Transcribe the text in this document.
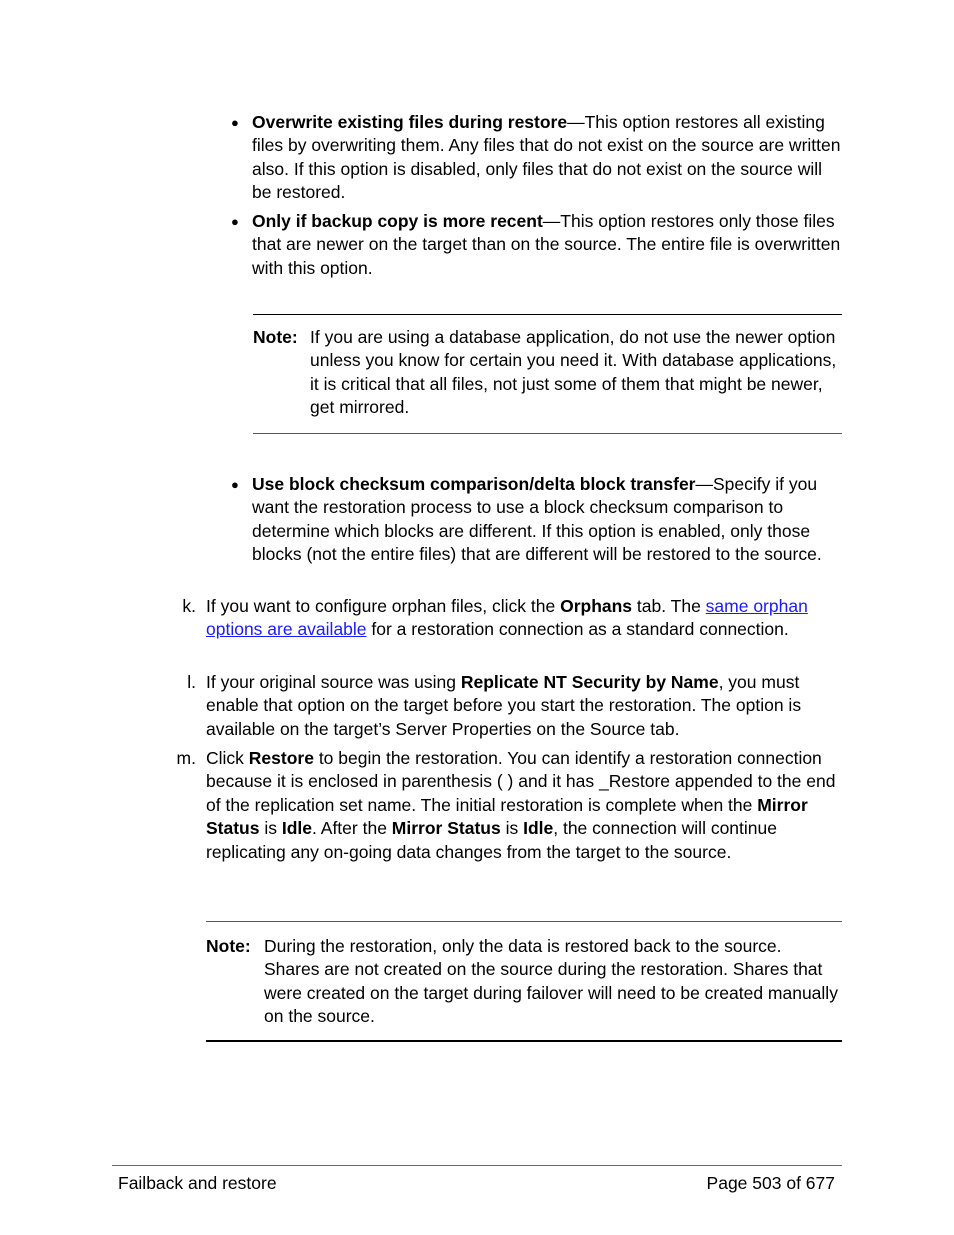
● Overwrite existing files during restore—This option restores all existing files by overwriting them. Any files that do not exist on the source are written also. If this option is disabled, only files that do not exist on the source will be restored.

● Only if backup copy is more recent—This option restores only those files that are newer on the target than on the source. The entire file is overwritten with this option.

Note: If you are using a database application, do not use the newer option unless you know for certain you need it. With database applications, it is critical that all files, not just some of them that might be newer, get mirrored.
● Use block checksum comparison/delta block transfer—Specify if you want the restoration process to use a block checksum comparison to determine which blocks are different. If this option is enabled, only those blocks (not the entire files) that are different will be restored to the source.

k. If you want to configure orphan files, click the Orphans tab. The same orphan options are available for a restoration connection as a standard connection.

l. If your original source was using Replicate NT Security by Name, you must enable that option on the target before you start the restoration. The option is available on the target’s Server Properties on the Source tab.

m. Click Restore to begin the restoration. You can identify a restoration connection because it is enclosed in parenthesis ( ) and it has _Restore appended to the end of the replication set name. The initial restoration is complete when the Mirror Status is Idle. After the Mirror Status is Idle, the connection will continue replicating any on-going data changes from the target to the source.

Note: During the restoration, only the data is restored back to the source. Shares are not created on the source during the restoration. Shares that were created on the target during failover will need to be created manually on the source.
Failback and restore	Page 503 of 677
